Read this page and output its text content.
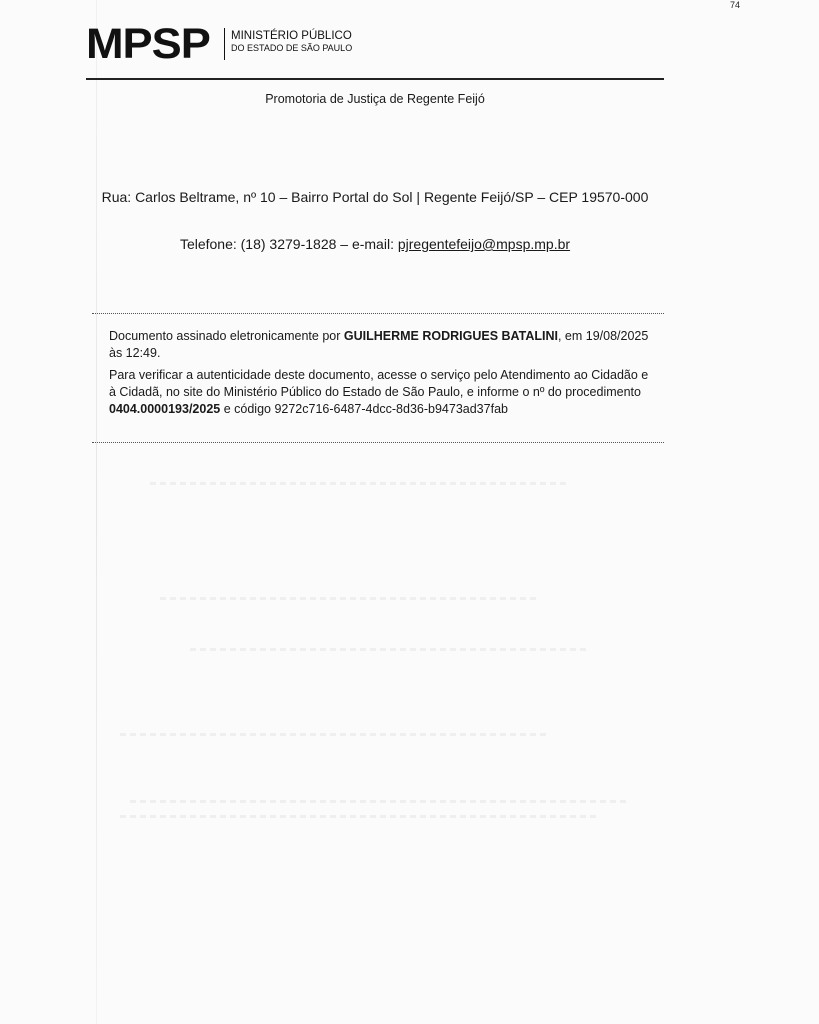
74
MPSP MINISTÉRIO PÚBLICO
DO ESTADO DE SÃO PAULO
Promotoria de Justiça de Regente Feijó
Rua: Carlos Beltrame, nº 10 – Bairro Portal do Sol | Regente Feijó/SP – CEP 19570-000
Telefone: (18) 3279-1828 – e-mail: pjregentefeijo@mpsp.mp.br

Documento assinado eletronicamente por GUILHERME RODRIGUES BATALINI, em 19/08/2025 às 12:49.

Para verificar a autenticidade deste documento, acesse o serviço pelo Atendimento ao Cidadão e à Cidadã, no site do Ministério Público do Estado de São Paulo, e informe o nº do procedimento 0404.0000193/2025 e código 9272c716-6487-4dcc-8d36-b9473ad37fab
